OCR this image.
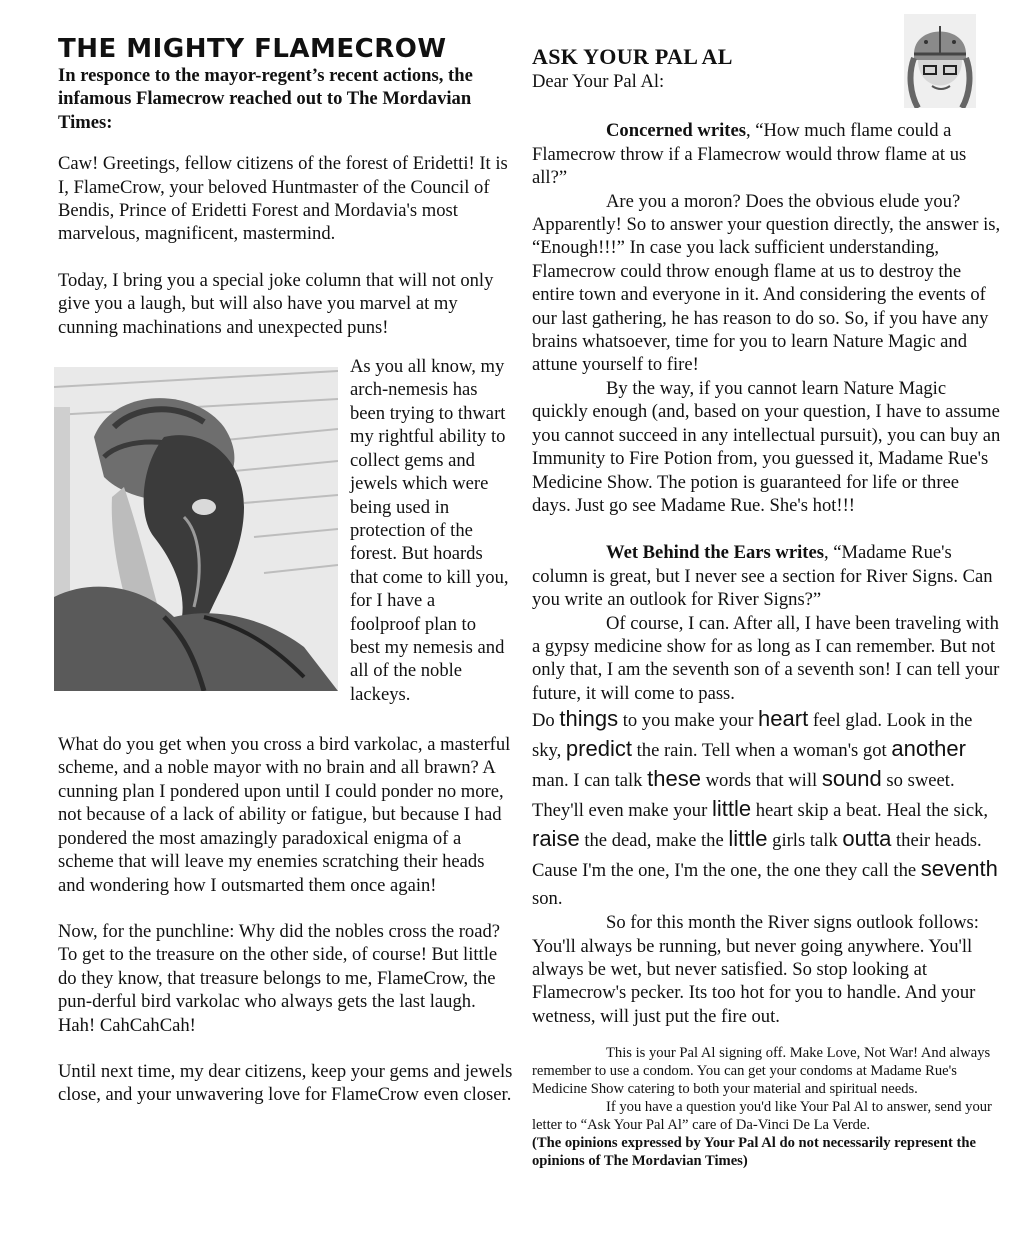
THE MIGHTY FLAMECROW

In responce to the mayor-regent’s recent actions, the infamous Flamecrow reached out to The Mordavian Times:

Caw! Greetings, fellow citizens of the forest of Eridetti! It is I, FlameCrow, your beloved Huntmaster of the Council of Bendis, Prince of Eridetti Forest and Mordavia's most marvelous, magnificent, mastermind.

Today, I bring you a special joke column that will not only give you a laugh, but will also have you marvel at my cunning machinations and unexpected puns!

As you all know, my arch-nemesis has been trying to thwart my rightful ability to collect gems and jewels which were being used in protection of the forest. But hoards that come to kill you, for I have a foolproof plan to best my nemesis and all of the noble lackeys.

What do you get when you cross a bird varkolac, a masterful scheme, and a noble mayor with no brain and all brawn? A cunning plan I pondered upon until I could ponder no more, not because of a lack of ability or fatigue, but because I had pondered the most amazingly paradoxical enigma of a scheme that will leave my enemies scratching their heads and wondering how I outsmarted them once again!

Now, for the punchline: Why did the nobles cross the road? To get to the treasure on the other side, of course! But little do they know, that treasure belongs to me, FlameCrow, the pun-derful bird varkolac who always gets the last laugh. Hah! CahCahCah!

Until next time, my dear citizens, keep your gems and jewels close, and your unwavering love for FlameCrow even closer.

ASK YOUR PAL AL

Dear Your Pal Al:

Concerned writes, “How much flame could a Flamecrow throw if a Flamecrow would throw flame at us all?”

Are you a moron? Does the obvious elude you? Apparently! So to answer your question directly, the answer is, “Enough!!!” In case you lack sufficient understanding, Flamecrow could throw enough flame at us to destroy the entire town and everyone in it. And considering the events of our last gathering, he has reason to do so. So, if you have any brains whatsoever, time for you to learn Nature Magic and attune yourself to fire!

By the way, if you cannot learn Nature Magic quickly enough (and, based on your question, I have to assume you cannot succeed in any intellectual pursuit), you can buy an Immunity to Fire Potion from, you guessed it, Madame Rue's Medicine Show. The potion is guaranteed for life or three days. Just go see Madame Rue. She's hot!!!

Wet Behind the Ears writes, “Madame Rue's column is great, but I never see a section for River Signs. Can you write an outlook for River Signs?”

Of course, I can. After all, I have been traveling with a gypsy medicine show for as long as I can remember. But not only that, I am the seventh son of a seventh son! I can tell your future, it will come to pass.

Do things to you make your heart feel glad. Look in the sky, predict the rain. Tell when a woman's got another man. I can talk these words that will sound so sweet. They'll even make your little heart skip a beat. Heal the sick, raise the dead, make the little girls talk outta their heads. Cause I'm the one, I'm the one, the one they call the seventh son.

So for this month the River signs outlook follows: You'll always be running, but never going anywhere. You'll always be wet, but never satisfied. So stop looking at Flamecrow's pecker. Its too hot for you to handle. And your wetness, will just put the fire out.

This is your Pal Al signing off. Make Love, Not War! And always remember to use a condom. You can get your condoms at Madame Rue's Medicine Show catering to both your material and spiritual needs.

If you have a question you'd like Your Pal Al to answer, send your letter to “Ask Your Pal Al” care of Da-Vinci De La Verde.

(The opinions expressed by Your Pal Al do not necessarily represent the opinions of The Mordavian Times)
